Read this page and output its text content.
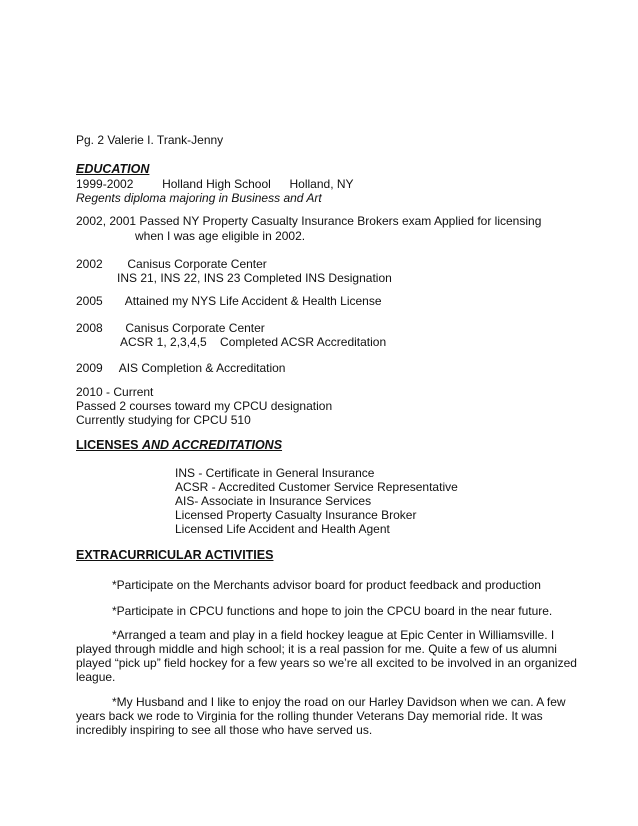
Pg. 2 Valerie I. Trank-Jenny
EDUCATION
1999-2002 Holland High School Holland, NY
Regents diploma majoring in Business and Art
2002, 2001 Passed NY Property Casualty Insurance Brokers exam Applied for licensing
when I was age eligible in 2002.
2002 Canisus Corporate Center
INS 21, INS 22, INS 23 Completed INS Designation
2005 Attained my NYS Life Accident & Health License
2008 Canisus Corporate Center
ACSR 1, 2,3,4,5    Completed ACSR Accreditation
2009 AIS Completion & Accreditation
2010 - Current
Passed 2 courses toward my CPCU designation
Currently studying for CPCU 510
LICENSES AND ACCREDITATIONS
INS - Certificate in General Insurance
ACSR - Accredited Customer Service Representative
AIS- Associate in Insurance Services
Licensed Property Casualty Insurance Broker
Licensed Life Accident and Health Agent
EXTRACURRICULAR ACTIVITIES
*Participate on the Merchants advisor board for product feedback and production
*Participate in CPCU functions and hope to join the CPCU board in the near future.
*Arranged a team and play in a field hockey league at Epic Center in Williamsville. I
played through middle and high school; it is a real passion for me. Quite a few of us alumni
played “pick up” field hockey for a few years so we’re all excited to be involved in an organized
league.
*My Husband and I like to enjoy the road on our Harley Davidson when we can. A few
years back we rode to Virginia for the rolling thunder Veterans Day memorial ride. It was
incredibly inspiring to see all those who have served us.
